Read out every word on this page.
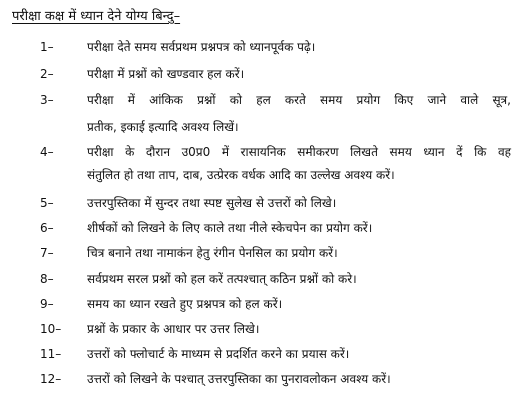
परीक्षा कक्ष में ध्यान देने योग्य बिन्दु–
1–	परीक्षा देते समय सर्वप्रथम प्रश्नपत्र को ध्यानपूर्वक पढ़े।
2–	परीक्षा में प्रश्नों को खण्डवार हल करें।
3–	परीक्षा में आंकिक प्रश्नों को हल करते समय प्रयोग किए जाने वाले सूत्र,
प्रतीक, इकाई इत्यादि अवश्य लिखें।
4–	परीक्षा के दौरान उ0प्र0 में रासायनिक समीकरण लिखते समय ध्यान दें कि वह
संतुलित हो तथा ताप, दाब, उत्प्रेरक वर्धक आदि का उल्लेख अवश्य करें।
5–	उत्तरपुस्तिका में सुन्दर तथा स्पष्ट सुलेख से उत्तरों को लिखे।
6–	शीर्षकों को लिखने के लिए काले तथा नीले स्केचपेन का प्रयोग करें।
7–	चित्र बनाने तथा नामाकंन हेतु रंगीन पेनसिल का प्रयोग करें।
8–	सर्वप्रथम सरल प्रश्नों को हल करें तत्पश्चात् कठिन प्रश्नों को करे।
9–	समय का ध्यान रखते हुए प्रश्नपत्र को हल करें।
10–	प्रश्नों के प्रकार के आधार पर उत्तर लिखे।
11–	उत्तरों को फ्लोचार्ट के माध्यम से प्रदर्शित करने का प्रयास करें।
12–	उत्तरों को लिखने के पश्चात् उत्तरपुस्तिका का पुनरावलोकन अवश्य करें।
